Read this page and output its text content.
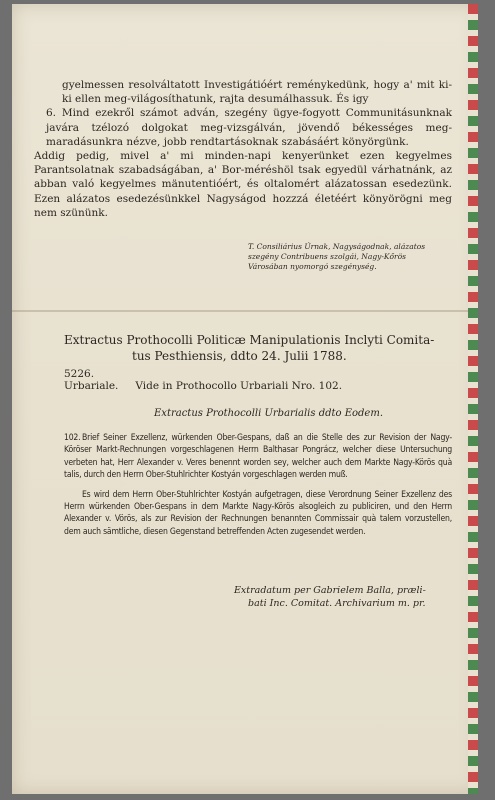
gyelmessen resolváltatott Investigátióért reménykedünk, hogy a' mit ki-ki ellen meg-világosíthatunk, rajta desumálhassuk. És igy

6. Mind ezekről számot adván, szegény ügye-fogyott Communitásunknak javára tzélozó dolgokat meg-vizsgálván, jövendő békességes meg-maradásunkra nézve, jobb rendtartásoknak szabásáért könyörgünk.

Addig pedig, mivel a' mi minden-napi kenyerünket ezen kegyelmes Parantsolatnak szabadságában, a' Bor-méréshöl tsak egyedül várhatnánk, az abban való kegyelmes mänutentióért, és oltalomért alázatossan esedezünk. Ezen alázatos esedezésünkkel Nagyságod hozzzá életéért könyörögni meg nem szününk.

T. Consiliárius Úrnak, Nagyságodnak, alázatos szegény Contribuens szolgái, Nagy-Kőrös Városában nyomorgó szegénység.
Extractus Prothocolli Politicæ Manipulationis Inclyti Comita-
tus Pesthiensis, ddto 24. Julii 1788.
5226. Urbariale. Vide in Prothocollo Urbariali Nro. 102.
Extractus Prothocolli Urbarialis ddto Eodem.

102. Brief Seiner Exzellenz, würkenden Ober-Gespans, daß an die Stelle des zur Revision der Nagy-Köröser Markt-Rechnungen vorgeschlagenen Herrn Balthasar Pongrácz, welcher diese Untersuchung verbeten hat, Herr Alexander v. Veres benennt worden sey, welcher auch dem Markte Nagy-Körös quà talis, durch den Herrn Ober-Stuhlrichter Kostyán vorgeschlagen werden muß.

Es wird dem Herrn Ober-Stuhlrichter Kostyán aufgetragen, diese Verordnung Seiner Exzellenz des Herrn würkenden Ober-Gespans in dem Markte Nagy-Körös alsogleich zu publiciren, und den Herrn Alexander v. Vörös, als zur Revision der Rechnungen benannten Commissair quà talem vorzustellen, dem auch sämtliche, diesen Gegenstand betreffenden Acten zugesendet werden.

Extradatum per Gabrielem Balla, præli-
bati Inc. Comitat. Archivarium m. pr.
